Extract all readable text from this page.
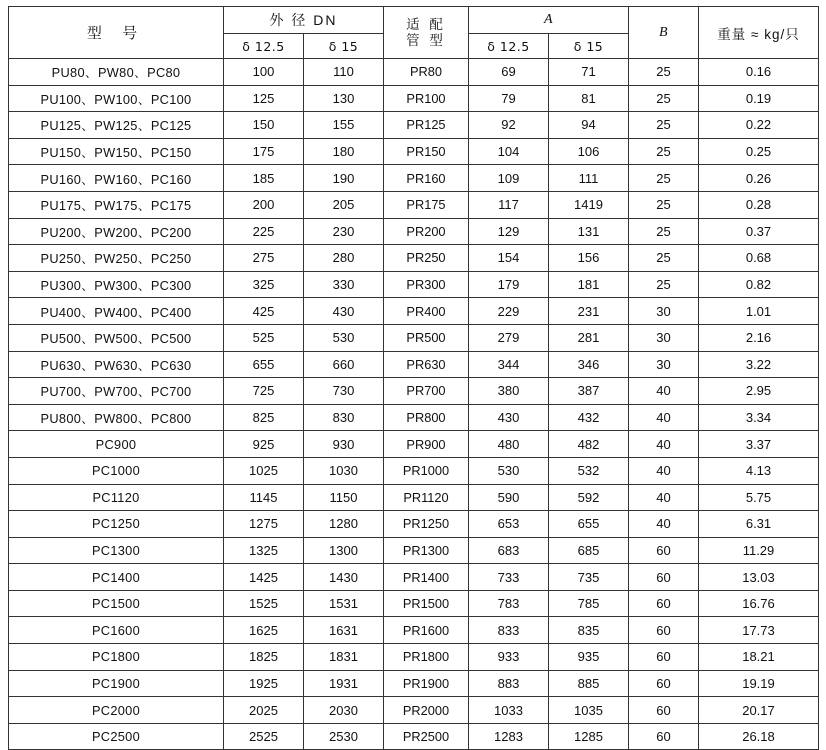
型 号	外 径 DN		适 配
管 型	A		B	重量 ≈ kg/只
	δ 12.5	δ 15		δ 12.5	δ 15		
PU80、PW80、PC80	100	110	PR80	69	71	25	0.16
PU100、PW100、PC100	125	130	PR100	79	81	25	0.19
PU125、PW125、PC125	150	155	PR125	92	94	25	0.22
PU150、PW150、PC150	175	180	PR150	104	106	25	0.25
PU160、PW160、PC160	185	190	PR160	109	111	25	0.26
PU175、PW175、PC175	200	205	PR175	117	1419	25	0.28
PU200、PW200、PC200	225	230	PR200	129	131	25	0.37
PU250、PW250、PC250	275	280	PR250	154	156	25	0.68
PU300、PW300、PC300	325	330	PR300	179	181	25	0.82
PU400、PW400、PC400	425	430	PR400	229	231	30	1.01
PU500、PW500、PC500	525	530	PR500	279	281	30	2.16
PU630、PW630、PC630	655	660	PR630	344	346	30	3.22
PU700、PW700、PC700	725	730	PR700	380	387	40	2.95
PU800、PW800、PC800	825	830	PR800	430	432	40	3.34
PC900	925	930	PR900	480	482	40	3.37
PC1000	1025	1030	PR1000	530	532	40	4.13
PC1120	1145	1150	PR1120	590	592	40	5.75
PC1250	1275	1280	PR1250	653	655	40	6.31
PC1300	1325	1300	PR1300	683	685	60	11.29
PC1400	1425	1430	PR1400	733	735	60	13.03
PC1500	1525	1531	PR1500	783	785	60	16.76
PC1600	1625	1631	PR1600	833	835	60	17.73
PC1800	1825	1831	PR1800	933	935	60	18.21
PC1900	1925	1931	PR1900	883	885	60	19.19
PC2000	2025	2030	PR2000	1033	1035	60	20.17
PC2500	2525	2530	PR2500	1283	1285	60	26.18
